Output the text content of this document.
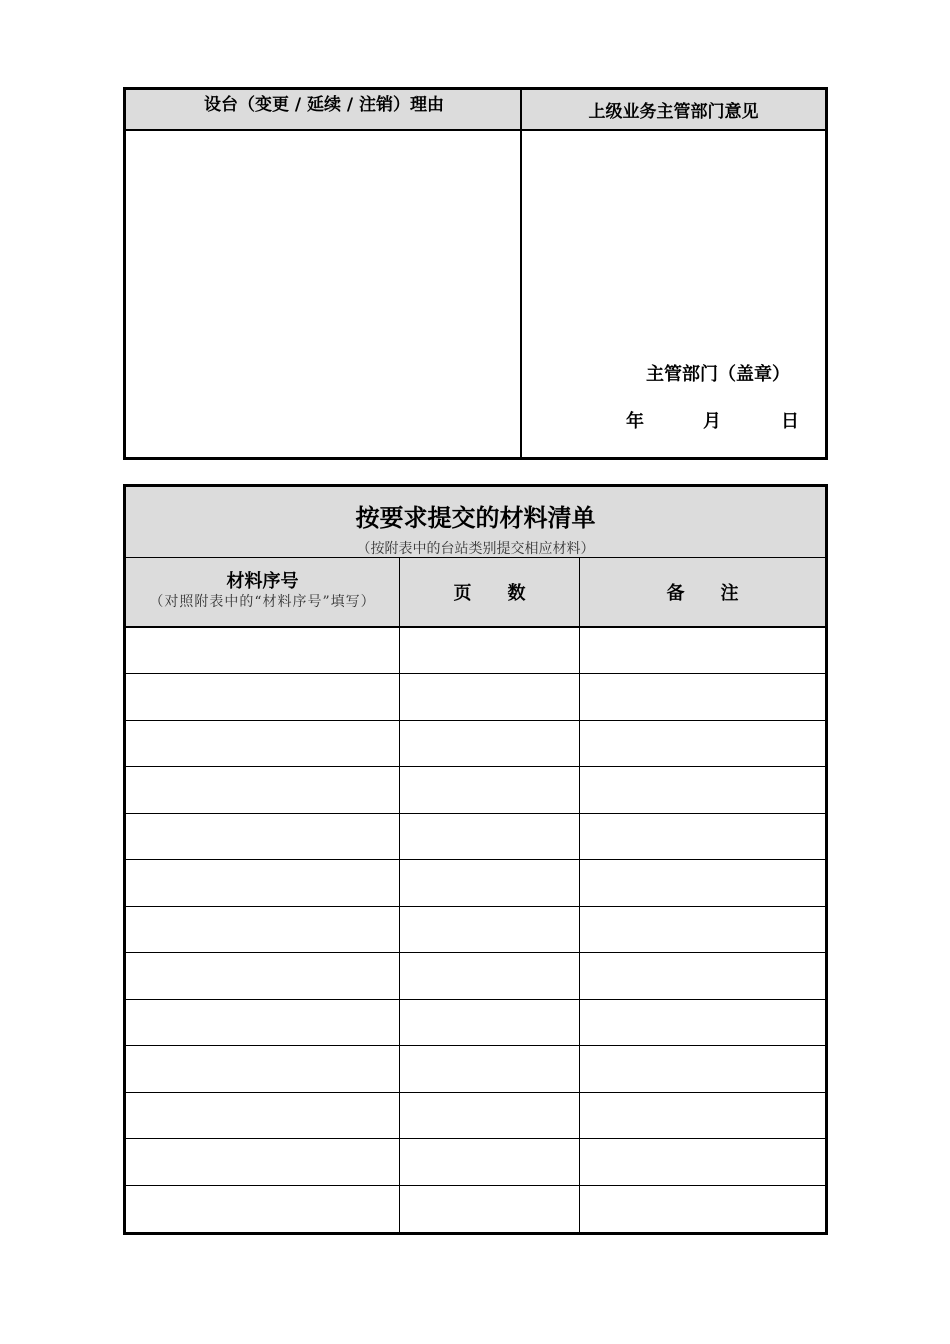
设台（变更 / 延续 / 注销）理由	上级业务主管部门意见
主管部门（盖章）
年	月	日
按要求提交的材料清单
（按附表中的台站类别提交相应材料）
材料序号
（对照附表中的“材料序号”填写）	页　　数	备　　注
